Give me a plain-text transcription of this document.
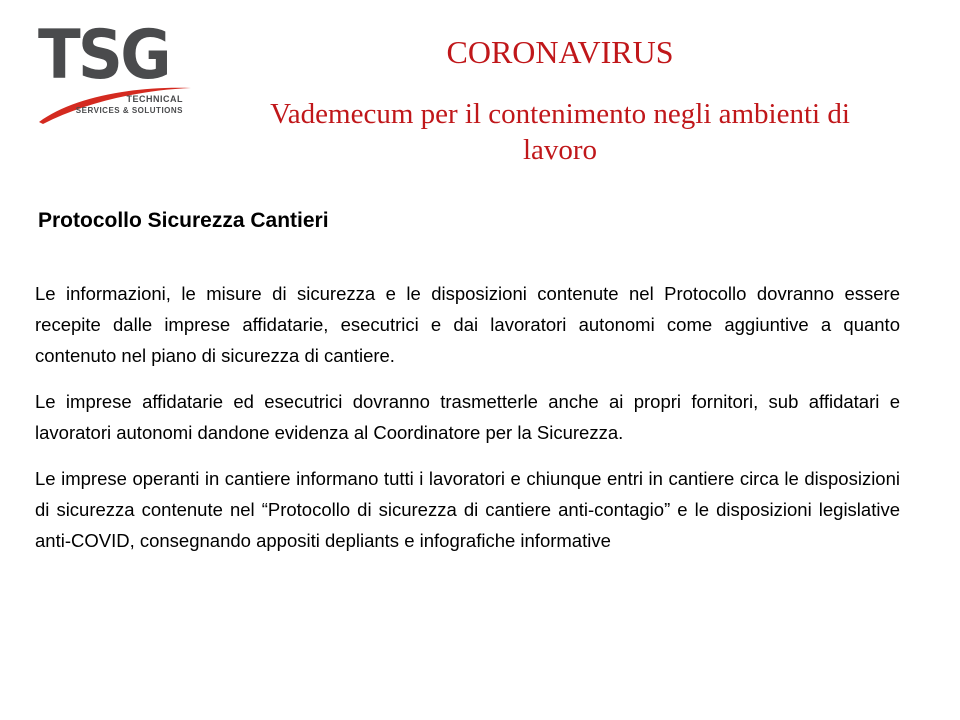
TSG
TECHNICAL
SERVICES & SOLUTIONS
CORONAVIRUS
Vademecum per il contenimento negli ambienti di lavoro
Protocollo Sicurezza Cantieri

Le informazioni, le misure di sicurezza e le disposizioni contenute nel Protocollo dovranno essere recepite dalle imprese affidatarie, esecutrici e dai lavoratori autonomi come aggiuntive a quanto contenuto nel piano di sicurezza di cantiere.

Le imprese affidatarie ed esecutrici dovranno trasmetterle anche ai propri fornitori, sub affidatari e lavoratori autonomi dandone evidenza al Coordinatore per la Sicurezza.

Le imprese operanti in cantiere informano tutti i lavoratori e chiunque entri in cantiere circa le disposizioni di sicurezza contenute nel “Protocollo di sicurezza di cantiere anti-contagio” e le disposizioni legislative anti-COVID, consegnando appositi depliants e infografiche informative
